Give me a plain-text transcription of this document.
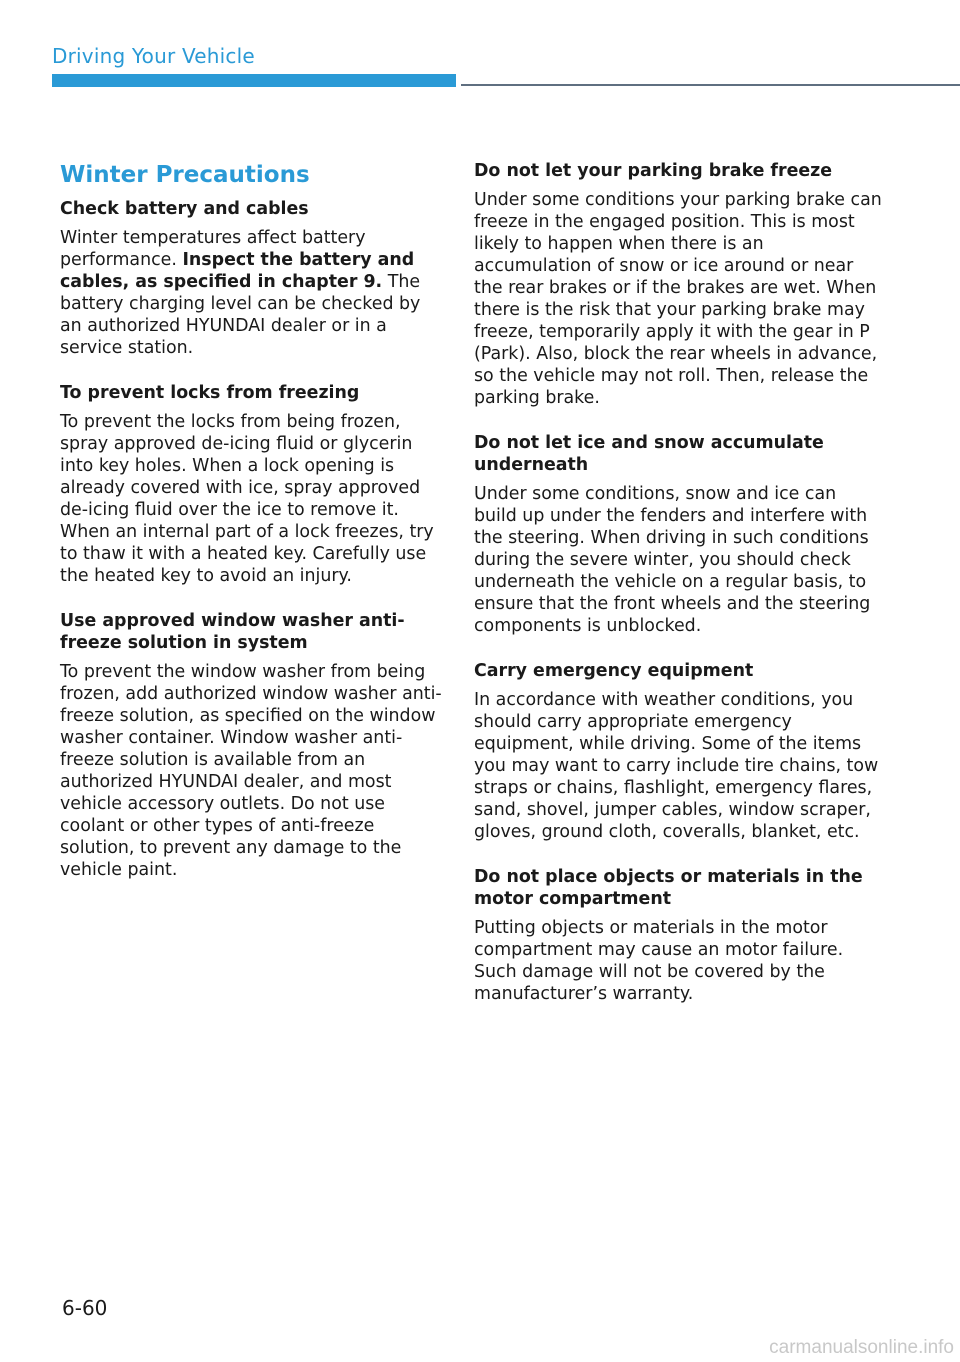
Driving Your Vehicle
Winter Precautions
Check battery and cables

Winter temperatures affect battery performance. Inspect the battery and cables, as specified in chapter 9. The battery charging level can be checked by an authorized HYUNDAI dealer or in a service station.

To prevent locks from freezing

To prevent the locks from being frozen, spray approved de-icing fluid or glycerin into key holes. When a lock opening is already covered with ice, spray approved de-icing fluid over the ice to remove it. When an internal part of a lock freezes, try to thaw it with a heated key. Carefully use the heated key to avoid an injury.

Use approved window washer anti-freeze solution in system

To prevent the window washer from being frozen, add authorized window washer anti-freeze solution, as specified on the window washer container. Window washer anti-freeze solution is available from an authorized HYUNDAI dealer, and most vehicle accessory outlets. Do not use coolant or other types of anti-freeze solution, to prevent any damage to the vehicle paint.

Do not let your parking brake freeze

Under some conditions your parking brake can freeze in the engaged position. This is most likely to happen when there is an accumulation of snow or ice around or near the rear brakes or if the brakes are wet. When there is the risk that your parking brake may freeze, temporarily apply it with the gear in P (Park). Also, block the rear wheels in advance, so the vehicle may not roll. Then, release the parking brake.

Do not let ice and snow accumulate underneath

Under some conditions, snow and ice can build up under the fenders and interfere with the steering. When driving in such conditions during the severe winter, you should check underneath the vehicle on a regular basis, to ensure that the front wheels and the steering components is unblocked.

Carry emergency equipment

In accordance with weather conditions, you should carry appropriate emergency equipment, while driving. Some of the items you may want to carry include tire chains, tow straps or chains, flashlight, emergency flares, sand, shovel, jumper cables, window scraper, gloves, ground cloth, coveralls, blanket, etc.

Do not place objects or materials in the motor compartment

Putting objects or materials in the motor compartment may cause an motor failure. Such damage will not be covered by the manufacturer’s warranty.

6-60
carmanualsonline.info
